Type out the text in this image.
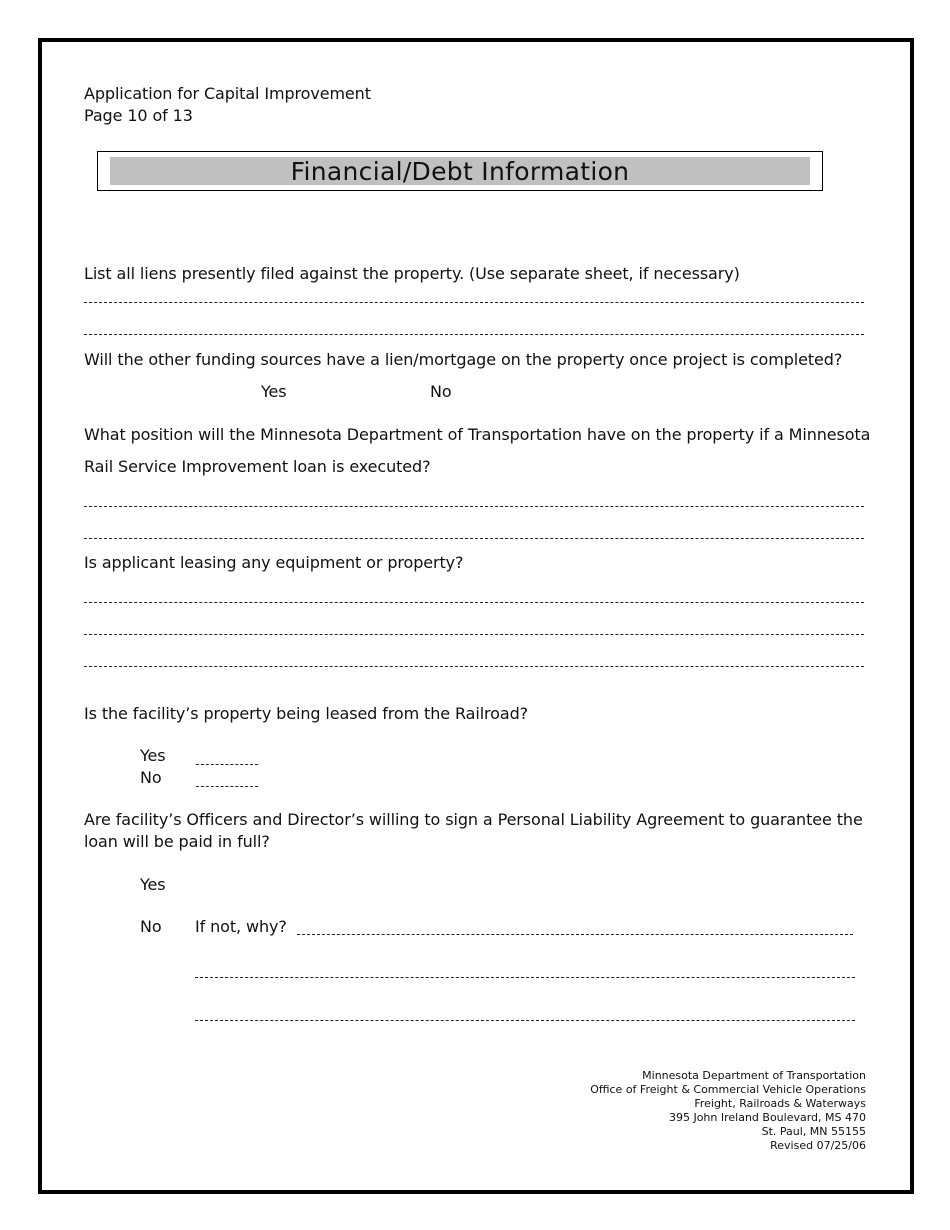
Application for Capital Improvement
Page 10 of 13
Financial/Debt Information
List all liens presently filed against the property. (Use separate sheet, if necessary)
Will the other funding sources have a lien/mortgage on the property once project is completed?
Yes	No
What position will the Minnesota Department of Transportation have on the property if a Minnesota
Rail Service Improvement loan is executed?
Is applicant leasing any equipment or property?
Is the facility’s property being leased from the Railroad?
Yes
No
Are facility’s Officers and Director’s willing to sign a Personal Liability Agreement to guarantee the
loan will be paid in full?
Yes
No If not, why?
Minnesota Department of Transportation
Office of Freight & Commercial Vehicle Operations
Freight, Railroads & Waterways
395 John Ireland Boulevard, MS 470
St. Paul, MN 55155
Revised 07/25/06
